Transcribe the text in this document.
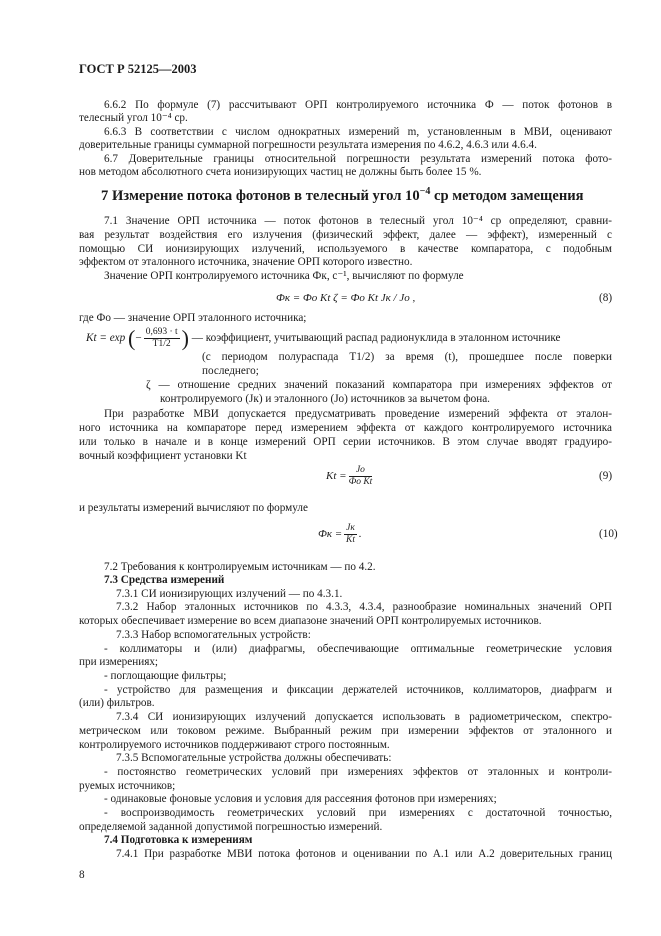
ГОСТ Р 52125—2003
6.6.2 По формуле (7) рассчитывают ОРП контролируемого источника Ф — поток фотонов в
телесный угол 10⁻⁴ ср.
6.6.3 В соответствии с числом однократных измерений m, установленным в МВИ, оценивают
доверительные границы суммарной погрешности результата измерения по 4.6.2, 4.6.3 или 4.6.4.
6.7 Доверительные границы относительной погрешности результата измерений потока фото-
нов методом абсолютного счета ионизирующих частиц не должны быть более 15 %.
7 Измерение потока фотонов в телесный угол $10^{-4}$ ср методом замещения
7.1 Значение ОРП источника — поток фотонов в телесный угол 10⁻⁴ ср определяют, сравни-
вая результат воздействия его излучения (физический эффект, далее — эффект), измеренный с
помощью СИ ионизирующих излучений, используемого в качестве компаратора, с подобным
эффектом от эталонного источника, значение ОРП которого известно.
Значение ОРП контролируемого источника Фк, с⁻¹, вычисляют по формуле
Фк = Фо Kt ζ = Фо Kt Jк / Jо ,	(8)
где Фо — значение ОРП эталонного источника;
Kt = exp (− $\frac{0,693 \cdot t}{T1/2}$ ) — коэффициент, учитывающий распад радионуклида в эталонном источнике
(с периодом полураспада T1/2) за время (t), прошедшее после поверки
последнего;
ζ — отношение средних значений показаний компаратора при измерениях эффектов от
контролируемого (Jк) и эталонного (Jо) источников за вычетом фона.
При разработке МВИ допускается предусматривать проведение измерений эффекта от эталон-
ного источника на компараторе перед измерением эффекта от каждого контролируемого источника
или только в начале и в конце измерений ОРП серии источников. В этом случае вводят градуиро-
вочный коэффициент установки Kt
$Kt = \frac{Jо}{\text{Фо Kt}}$	(9)
и результаты измерений вычисляют по формуле
Фк = $\frac{Jк}{Kt}$ .	(10)
7.2 Требования к контролируемым источникам — по 4.2.
7.3 Средства измерений
7.3.1 СИ ионизирующих излучений — по 4.3.1.
7.3.2 Набор эталонных источников по 4.3.3, 4.3.4, разнообразие номинальных значений ОРП
которых обеспечивает измерение во всем диапазоне значений ОРП контролируемых источников.
7.3.3 Набор вспомогательных устройств:
- коллиматоры и (или) диафрагмы, обеспечивающие оптимальные геометрические условия
при измерениях;
- поглощающие фильтры;
- устройство для размещения и фиксации держателей источников, коллиматоров, диафрагм и
(или) фильтров.
7.3.4 СИ ионизирующих излучений допускается использовать в радиометрическом, спектро-
метрическом или токовом режиме. Выбранный режим при измерении эффектов от эталонного и
контролируемого источников поддерживают строго постоянным.
7.3.5 Вспомогательные устройства должны обеспечивать:
- постоянство геометрических условий при измерениях эффектов от эталонных и контроли-
руемых источников;
- одинаковые фоновые условия и условия для рассеяния фотонов при измерениях;
- воспроизводимость геометрических условий при измерениях с достаточной точностью,
определяемой заданной допустимой погрешностью измерений.
7.4 Подготовка к измерениям
7.4.1 При разработке МВИ потока фотонов и оценивании по А.1 или А.2 доверительных границ
8
